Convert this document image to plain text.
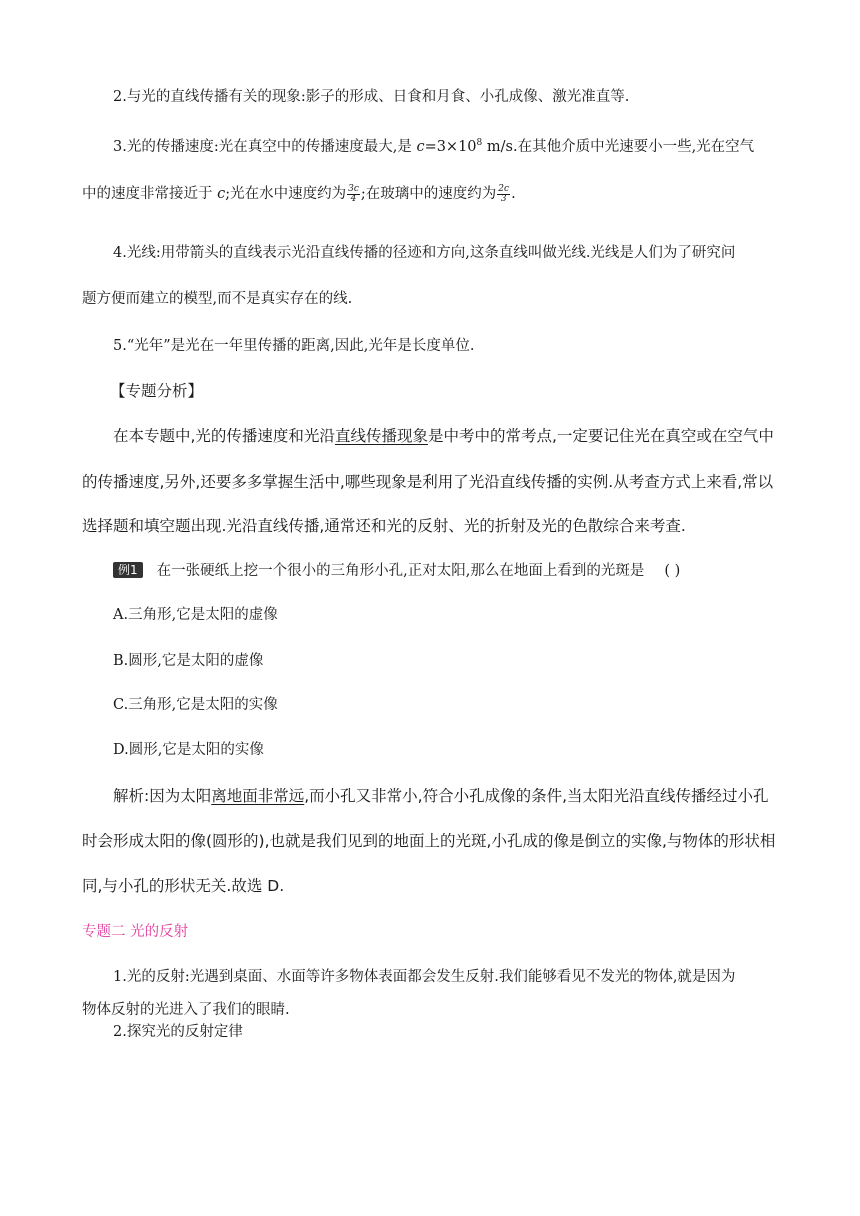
2.与光的直线传播有关的现象:影子的形成、日食和月食、小孔成像、激光准直等.
3.光的传播速度:光在真空中的传播速度最大,是 $c=3\times 10^8$ m/s.在其他介质中光速要小一些,光在空气
中的速度非常接近于 c;光在水中速度约为 $\frac{3c}{4}$ ;在玻璃中的速度约为 $\frac{2c}{3}$ .
4.光线:用带箭头的直线表示光沿直线传播的径迹和方向,这条直线叫做光线.光线是人们为了研究问
题方便而建立的模型,而不是真实存在的线.
5.“光年”是光在一年里传播的距离,因此,光年是长度单位.
【专题分析】
在本专题中,光的传播速度和光沿直线传播现象是中考中的常考点,一定要记住光在真空或在空气中
的传播速度,另外,还要多多掌握生活中,哪些现象是利用了光沿直线传播的实例.从考查方式上来看,常以
选择题和填空题出现.光沿直线传播,通常还和光的反射、光的折射及光的色散综合来考查.
例1 在一张硬纸上挖一个很小的三角形小孔,正对太阳,那么在地面上看到的光斑是 ( )
A.三角形,它是太阳的虚像
B.圆形,它是太阳的虚像
C.三角形,它是太阳的实像
D.圆形,它是太阳的实像
解析:因为太阳离地面非常远,而小孔又非常小,符合小孔成像的条件,当太阳光沿直线传播经过小孔
时会形成太阳的像(圆形的),也就是我们见到的地面上的光斑,小孔成的像是倒立的实像,与物体的形状相
同,与小孔的形状无关.故选 D.
专题二 光的反射
1.光的反射:光遇到桌面、水面等许多物体表面都会发生反射.我们能够看见不发光的物体,就是因为
物体反射的光进入了我们的眼睛.
2.探究光的反射定律
